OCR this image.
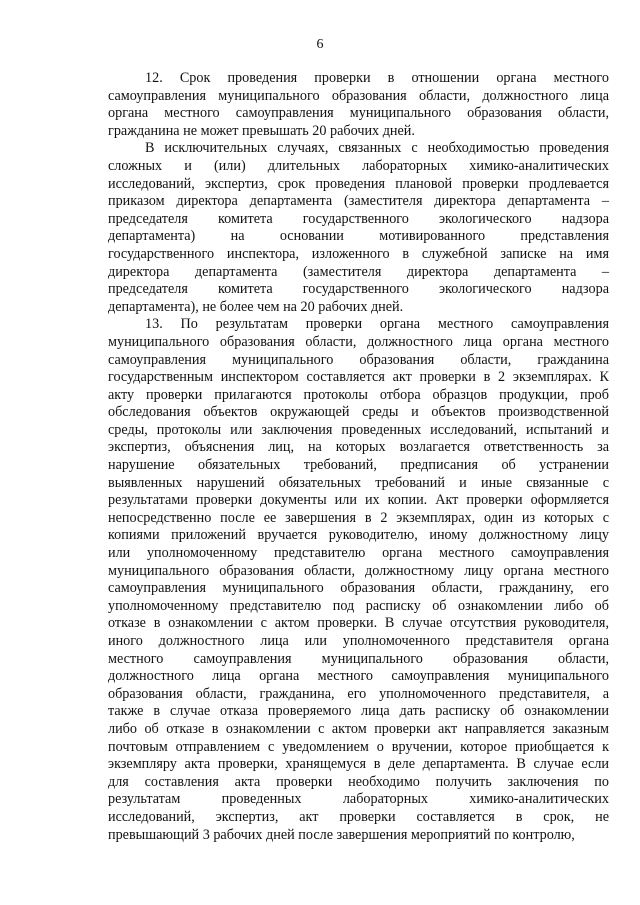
6
12. Срок проведения проверки в отношении органа местного
самоуправления муниципального образования области, должностного лица
органа местного самоуправления муниципального образования области,
гражданина не может превышать 20 рабочих дней.
В исключительных случаях, связанных с необходимостью проведения
сложных и (или) длительных лабораторных химико-аналитических
исследований, экспертиз, срок проведения плановой проверки продлевается
приказом директора департамента (заместителя директора департамента –
председателя комитета государственного экологического надзора
департамента) на основании мотивированного представления
государственного инспектора, изложенного в служебной записке на имя
директора департамента (заместителя директора департамента –
председателя комитета государственного экологического надзора
департамента), не более чем на 20 рабочих дней.
13. По результатам проверки органа местного самоуправления
муниципального образования области, должностного лица органа местного
самоуправления муниципального образования области, гражданина
государственным инспектором составляется акт проверки в 2 экземплярах. К
акту проверки прилагаются протоколы отбора образцов продукции, проб
обследования объектов окружающей среды и объектов производственной
среды, протоколы или заключения проведенных исследований, испытаний и
экспертиз, объяснения лиц, на которых возлагается ответственность за
нарушение обязательных требований, предписания об устранении
выявленных нарушений обязательных требований и иные связанные с
результатами проверки документы или их копии. Акт проверки оформляется
непосредственно после ее завершения в 2 экземплярах, один из которых с
копиями приложений вручается руководителю, иному должностному лицу
или уполномоченному представителю органа местного самоуправления
муниципального образования области, должностному лицу органа местного
самоуправления муниципального образования области, гражданину, его
уполномоченному представителю под расписку об ознакомлении либо об
отказе в ознакомлении с актом проверки. В случае отсутствия руководителя,
иного должностного лица или уполномоченного представителя органа
местного самоуправления муниципального образования области,
должностного лица органа местного самоуправления муниципального
образования области, гражданина, его уполномоченного представителя, а
также в случае отказа проверяемого лица дать расписку об ознакомлении
либо об отказе в ознакомлении с актом проверки акт направляется заказным
почтовым отправлением с уведомлением о вручении, которое приобщается к
экземпляру акта проверки, хранящемуся в деле департамента. В случае если
для составления акта проверки необходимо получить заключения по
результатам проведенных лабораторных химико-аналитических
исследований, экспертиз, акт проверки составляется в срок, не
превышающий 3 рабочих дней после завершения мероприятий по контролю,
